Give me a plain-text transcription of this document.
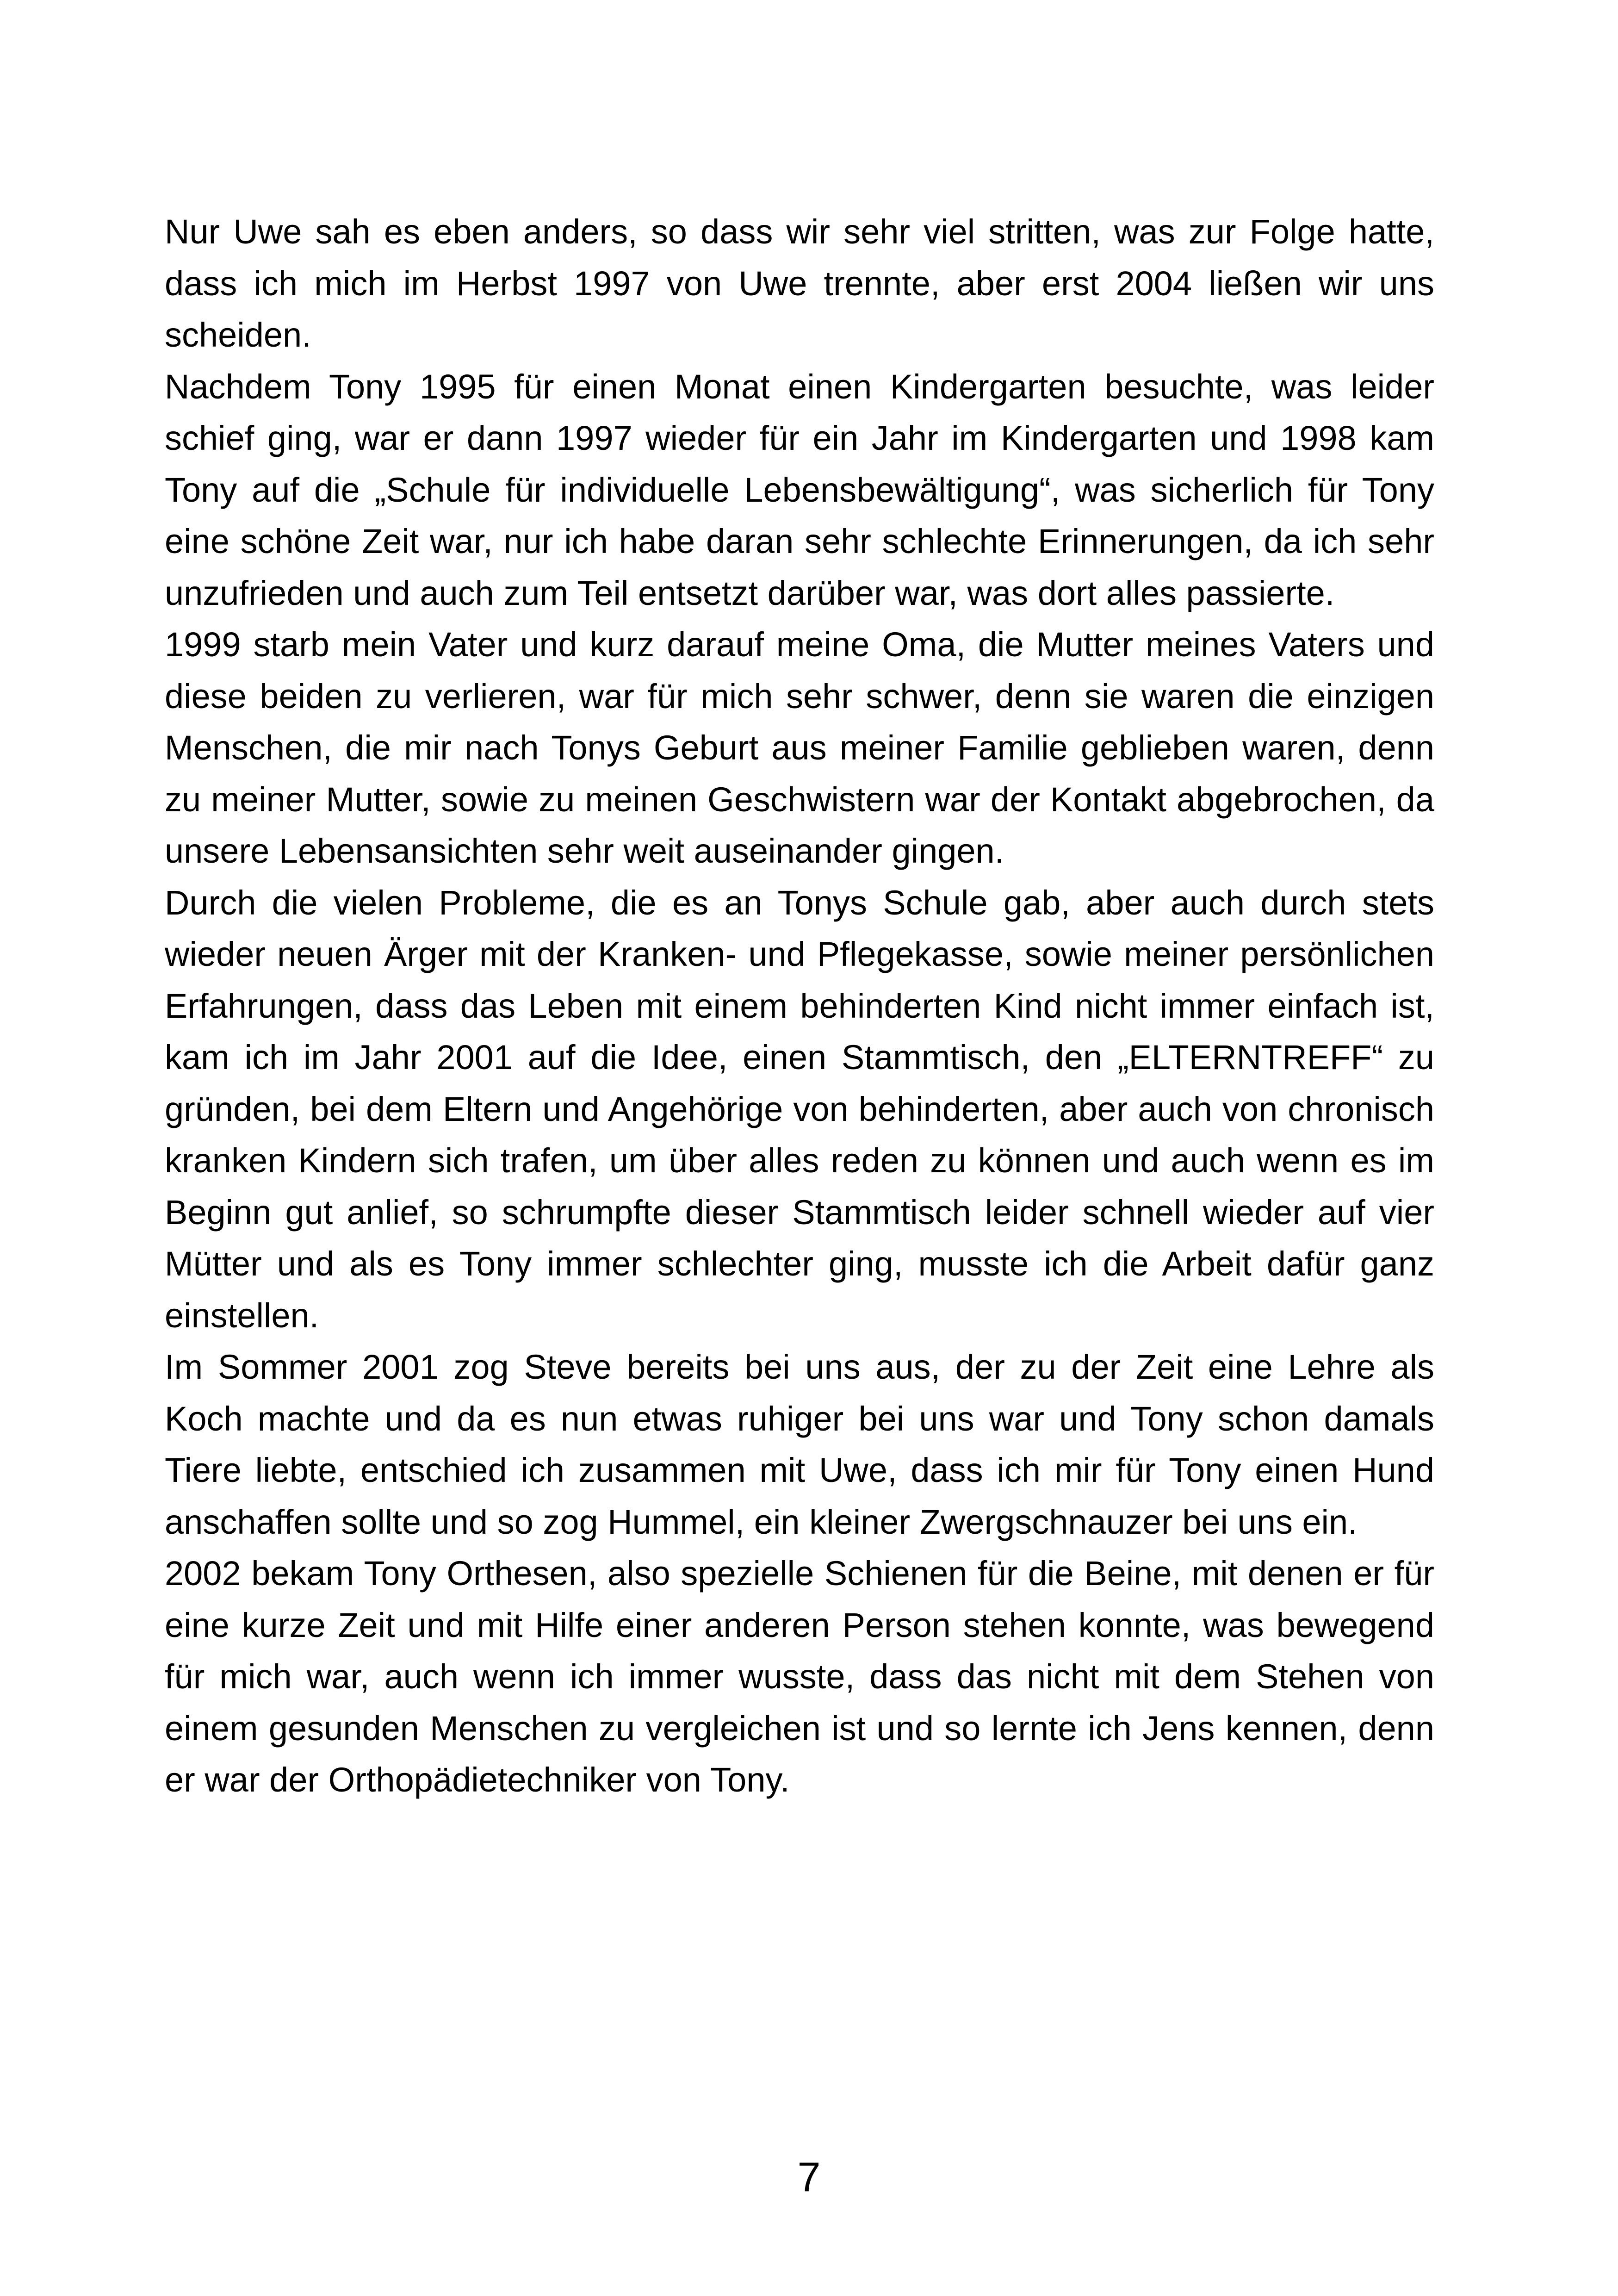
Nur Uwe sah es eben anders, so dass wir sehr viel stritten, was zur Folge hatte, dass ich mich im Herbst 1997 von Uwe trennte, aber erst 2004 ließen wir uns scheiden.

Nachdem Tony 1995 für einen Monat einen Kindergarten besuchte, was leider schief ging, war er dann 1997 wieder für ein Jahr im Kindergarten und 1998 kam Tony auf die „Schule für individuelle Lebensbewältigung“, was sicherlich für Tony eine schöne Zeit war, nur ich habe daran sehr schlechte Erinnerungen, da ich sehr unzufrieden und auch zum Teil entsetzt darüber war, was dort alles passierte.

1999 starb mein Vater und kurz darauf meine Oma, die Mutter meines Vaters und diese beiden zu verlieren, war für mich sehr schwer, denn sie waren die einzigen Menschen, die mir nach Tonys Geburt aus meiner Familie geblieben waren, denn zu meiner Mutter, sowie zu meinen Geschwistern war der Kontakt abgebrochen, da unsere Lebensansichten sehr weit auseinander gingen.

Durch die vielen Probleme, die es an Tonys Schule gab, aber auch durch stets wieder neuen Ärger mit der Kranken- und Pflegekasse, sowie meiner persönlichen Erfahrungen, dass das Leben mit einem behinderten Kind nicht immer einfach ist, kam ich im Jahr 2001 auf die Idee, einen Stammtisch, den „ELTERNTREFF“ zu gründen, bei dem Eltern und Angehörige von behinderten, aber auch von chronisch kranken Kindern sich trafen, um über alles reden zu können und auch wenn es im Beginn gut anlief, so schrumpfte dieser Stammtisch leider schnell wieder auf vier Mütter und als es Tony immer schlechter ging, musste ich die Arbeit dafür ganz einstellen.

Im Sommer 2001 zog Steve bereits bei uns aus, der zu der Zeit eine Lehre als Koch machte und da es nun etwas ruhiger bei uns war und Tony schon damals Tiere liebte, entschied ich zusammen mit Uwe, dass ich mir für Tony einen Hund anschaffen sollte und so zog Hummel, ein kleiner Zwergschnauzer bei uns ein.

2002 bekam Tony Orthesen, also spezielle Schienen für die Beine, mit denen er für eine kurze Zeit und mit Hilfe einer anderen Person stehen konnte, was bewegend für mich war, auch wenn ich immer wusste, dass das nicht mit dem Stehen von einem gesunden Menschen zu vergleichen ist und so lernte ich Jens kennen, denn er war der Orthopädietechniker von Tony.

7
